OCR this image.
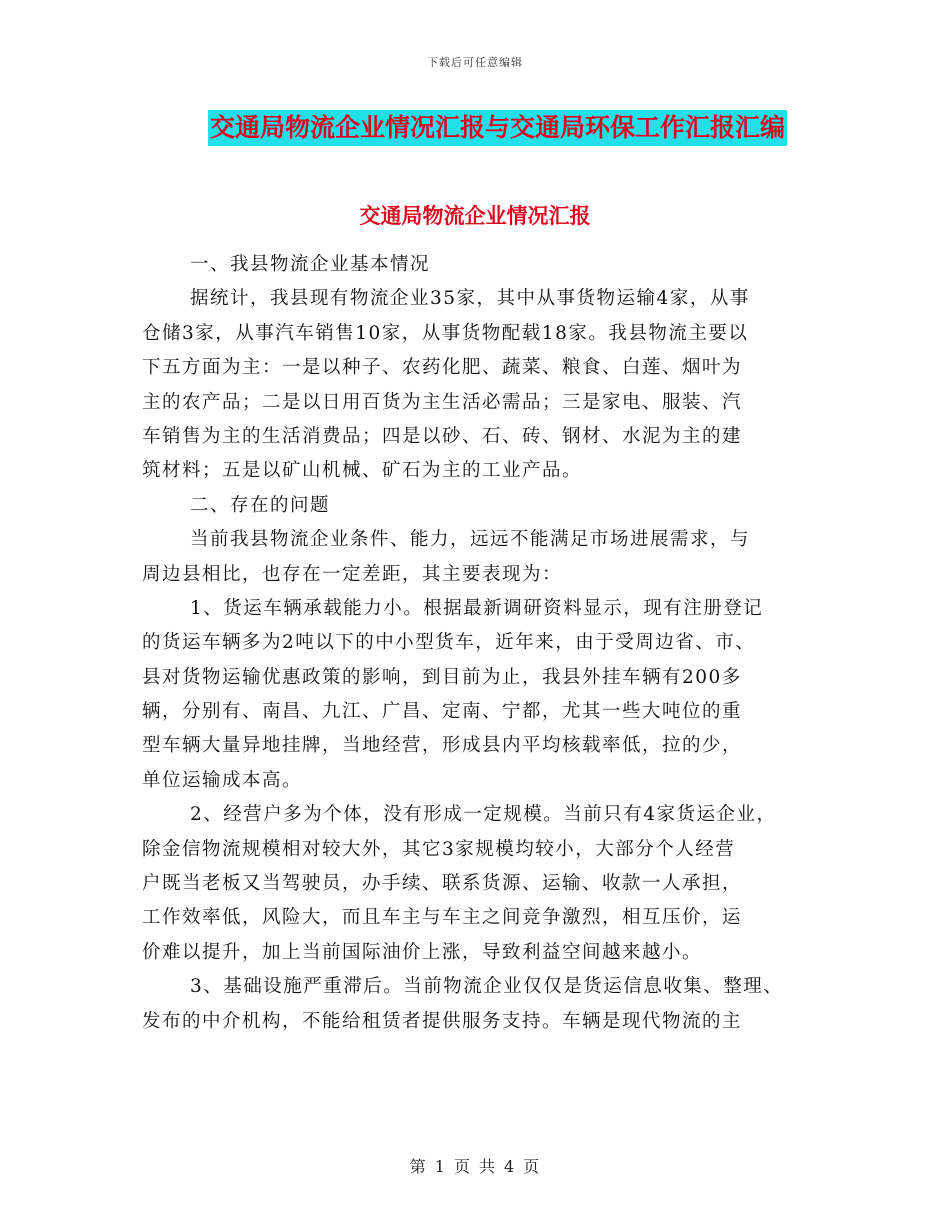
下载后可任意编辑
交通局物流企业情况汇报与交通局环保工作汇报汇编
交通局物流企业情况汇报
一、我县物流企业基本情况
据统计，我县现有物流企业35家，其中从事货物运输4家，从事
仓储3家，从事汽车销售10家，从事货物配载18家。我县物流主要以
下五方面为主：一是以种子、农药化肥、蔬菜、粮食、白莲、烟叶为
主的农产品；二是以日用百货为主生活必需品；三是家电、服装、汽
车销售为主的生活消费品；四是以砂、石、砖、钢材、水泥为主的建
筑材料；五是以矿山机械、矿石为主的工业产品。
二、存在的问题
当前我县物流企业条件、能力，远远不能满足市场进展需求，与
周边县相比，也存在一定差距，其主要表现为：
1、货运车辆承载能力小。根据最新调研资料显示，现有注册登记
的货运车辆多为2吨以下的中小型货车，近年来，由于受周边省、市、
县对货物运输优惠政策的影响，到目前为止，我县外挂车辆有200多
辆，分别有、南昌、九江、广昌、定南、宁都，尤其一些大吨位的重
型车辆大量异地挂牌，当地经营，形成县内平均核载率低，拉的少，
单位运输成本高。
2、经营户多为个体，没有形成一定规模。当前只有4家货运企业，
除金信物流规模相对较大外，其它3家规模均较小，大部分个人经营
户既当老板又当驾驶员，办手续、联系货源、运输、收款一人承担，
工作效率低，风险大，而且车主与车主之间竞争激烈，相互压价，运
价难以提升，加上当前国际油价上涨，导致利益空间越来越小。
3、基础设施严重滞后。当前物流企业仅仅是货运信息收集、整理、
发布的中介机构，不能给租赁者提供服务支持。车辆是现代物流的主
第 1 页 共 4 页
